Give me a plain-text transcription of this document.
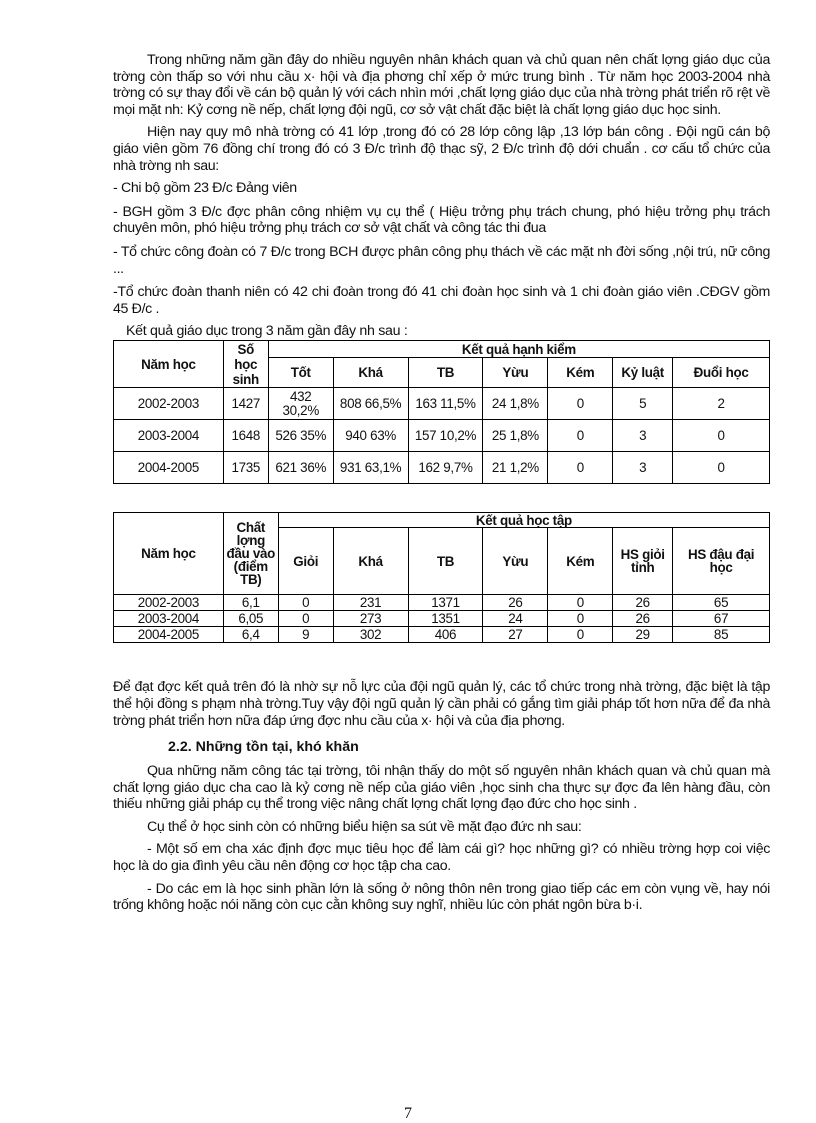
Trong những năm gần đây do nhiều nguyên nhân khách quan và chủ quan nên chất lợng giáo dục của trờng còn thấp so với nhu cầu x· hội và địa phơng chỉ xếp ở mức trung bình . Từ năm học 2003-2004 nhà trờng có sự thay đổi về cán bộ quản lý với cách nhìn mới ,chất lợng giáo dục của nhà trờng phát triển rõ rệt về mọi mặt nh: Kỷ cơng nề nếp, chất lợng đội ngũ, cơ sở vật chất đặc biệt là chất lợng giáo dục học sinh.

Hiện nay quy mô nhà trờng có 41 lớp ,trong đó có 28 lớp công lập ,13 lớp bán công . Đội ngũ cán bộ giáo viên gồm 76 đồng chí trong đó có 3 Đ/c trình độ thạc sỹ, 2 Đ/c trình độ dới chuẩn . cơ cấu tổ chức của nhà trờng nh sau:

- Chi bộ gồm 23 Đ/c Đảng viên

- BGH gồm 3 Đ/c đợc phân công nhiệm vụ cụ thể ( Hiệu trởng phụ trách chung, phó hiệu trởng phụ trách chuyên môn, phó hiệu trởng phụ trách cơ sở vật chất và công tác thi đua

- Tổ chức công đoàn có 7 Đ/c trong BCH được phân công phụ thách về các mặt nh đời sống ,nội trú, nữ công ...

-Tổ chức đoàn thanh niên có 42 chi đoàn trong đó 41 chi đoàn học sinh và 1 chi đoàn giáo viên .CĐGV gồm 45 Đ/c .

Kết quả giáo dục trong 3 năm gần đây nh sau :
Năm học	Số học sinh	Kết quả hạnh kiểm						
		Tốt	Khá	TB	Yừu	Kém	Kỷ luật	Đuổi học
2002-2003	1427	432 30,2%	808 66,5%	163 11,5%	24 1,8%	0	5	2
2003-2004	1648	526 35%	940 63%	157 10,2%	25 1,8%	0	3	0
2004-2005	1735	621 36%	931 63,1%	162 9,7%	21 1,2%	0	3	0
Năm học	Chất lợng đầu vào (điểm TB)	Kết quả học tập						
		Giỏi	Khá	TB	Yừu	Kém	HS giỏi tỉnh	HS đậu đại học
2002-2003	6,1	0	231	1371	26	0	26	65
2003-2004	6,05	0	273	1351	24	0	26	67
2004-2005	6,4	9	302	406	27	0	29	85

Để đạt đợc kết quả trên đó là nhờ sự nỗ lực của đội ngũ quản lý, các tổ chức trong nhà trờng, đặc biệt là tập thể hội đồng s phạm nhà trờng.Tuy vậy đội ngũ quản lý cần phải có gắng tìm giải pháp tốt hơn nữa để đa nhà trờng phát triển hơn nữa đáp ứng đợc nhu cầu của x· hội và của địa phơng.

2.2. Những tồn tại, khó khăn

Qua những năm công tác tại trờng, tôi nhận thấy do một số nguyên nhân khách quan và chủ quan mà chất lợng giáo dục cha cao là kỷ cơng nề nếp của giáo viên ,học sinh cha thực sự đợc đa lên hàng đầu, còn thiếu những giải pháp cụ thể trong việc nâng chất lợng chất lợng đạo đức cho học sinh .

Cụ thể ở học sinh còn có những biểu hiện sa sút về mặt đạo đức nh sau:

- Một số em cha xác định đợc mục tiêu học để làm cái gì? học những gì? có nhiều trờng hợp coi việc học là do gia đình yêu cầu nên động cơ học tập cha cao.

- Do các em là học sinh phần lớn là sống ở nông thôn nên trong giao tiếp các em còn vụng về, hay nói trống không hoặc nói năng còn cục cằn không suy nghĩ, nhiều lúc còn phát ngôn bừa b·i.

7
